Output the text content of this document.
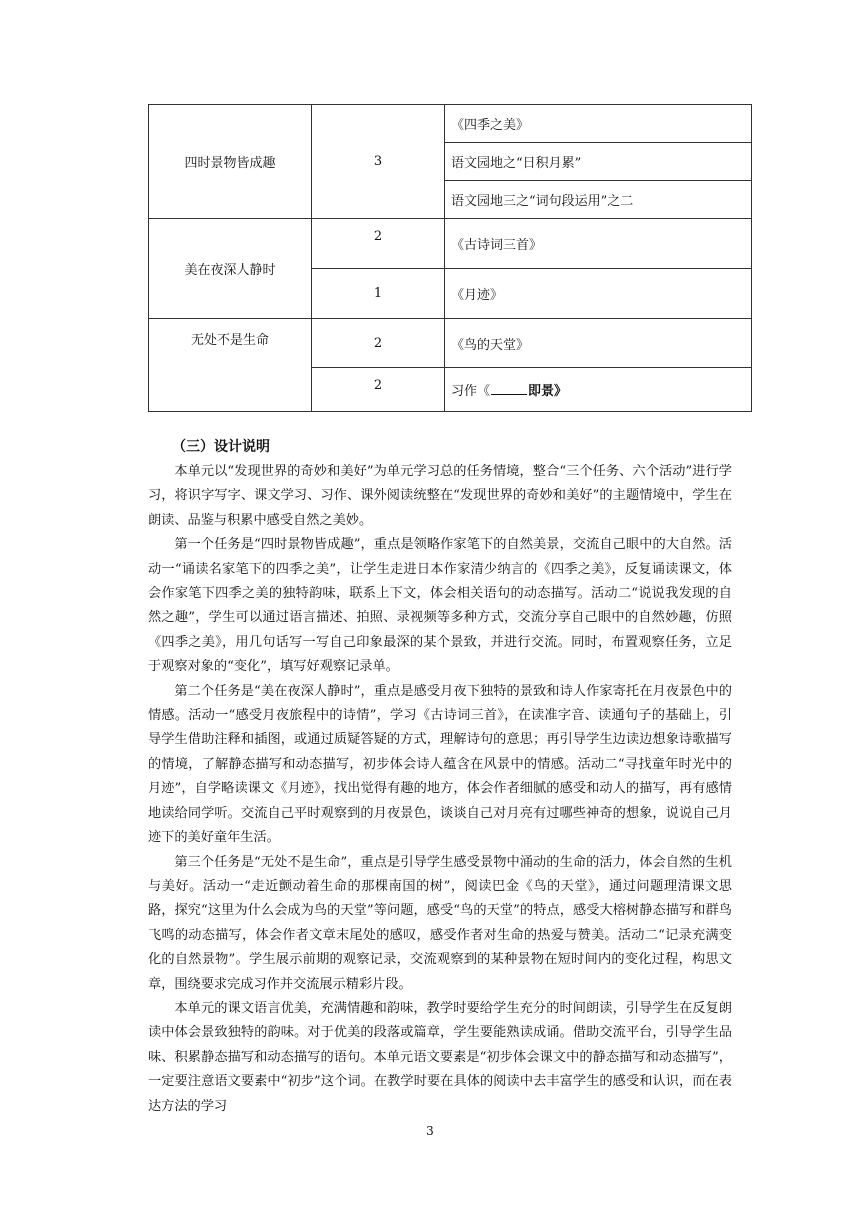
四时景物皆成趣	3	《四季之美》
		语文园地之“日积月累”
		语文园地三之“词句段运用”之二
美在夜深人静时	2	《古诗词三首》
	1	《月迹》
无处不是生命	2	《鸟的天堂》
	2	习作《 即景》
（三）设计说明

本单元以“发现世界的奇妙和美好”为单元学习总的任务情境，整合“三个任务、六个活动”进行学习，将识字写字、课文学习、习作、课外阅读统整在“发现世界的奇妙和美好”的主题情境中，学生在朗读、品鉴与积累中感受自然之美妙。

第一个任务是“四时景物皆成趣”，重点是领略作家笔下的自然美景，交流自己眼中的大自然。活动一“诵读名家笔下的四季之美”，让学生走进日本作家清少纳言的《四季之美》，反复诵读课文，体会作家笔下四季之美的独特韵味，联系上下文，体会相关语句的动态描写。活动二“说说我发现的自然之趣”，学生可以通过语言描述、拍照、录视频等多种方式，交流分享自己眼中的自然妙趣，仿照《四季之美》，用几句话写一写自己印象最深的某个景致，并进行交流。同时，布置观察任务，立足于观察对象的“变化”，填写好观察记录单。

第二个任务是“美在夜深人静时”，重点是感受月夜下独特的景致和诗人作家寄托在月夜景色中的情感。活动一“感受月夜旅程中的诗情”，学习《古诗词三首》，在读准字音、读通句子的基础上，引导学生借助注释和插图，或通过质疑答疑的方式，理解诗句的意思；再引导学生边读边想象诗歌描写的情境，了解静态描写和动态描写，初步体会诗人蕴含在风景中的情感。活动二“寻找童年时光中的月迹”，自学略读课文《月迹》，找出觉得有趣的地方，体会作者细腻的感受和动人的描写，再有感情地读给同学听。交流自己平时观察到的月夜景色，谈谈自己对月亮有过哪些神奇的想象，说说自己月迹下的美好童年生活。

第三个任务是“无处不是生命”，重点是引导学生感受景物中涌动的生命的活力，体会自然的生机与美好。活动一“走近颤动着生命的那棵南国的树”，阅读巴金《鸟的天堂》，通过问题理清课文思路，探究“这里为什么会成为鸟的天堂”等问题，感受“鸟的天堂”的特点，感受大榕树静态描写和群鸟飞鸣的动态描写，体会作者文章末尾处的感叹，感受作者对生命的热爱与赞美。活动二“记录充满变化的自然景物”。学生展示前期的观察记录，交流观察到的某种景物在短时间内的变化过程，构思文章，围绕要求完成习作并交流展示精彩片段。

本单元的课文语言优美，充满情趣和韵味，教学时要给学生充分的时间朗读，引导学生在反复朗读中体会景致独特的韵味。对于优美的段落或篇章，学生要能熟读成诵。借助交流平台，引导学生品味、积累静态描写和动态描写的语句。本单元语文要素是“初步体会课文中的静态描写和动态描写”，一定要注意语文要素中“初步”这个词。在教学时要在具体的阅读中去丰富学生的感受和认识，而在表达方法的学习

3
